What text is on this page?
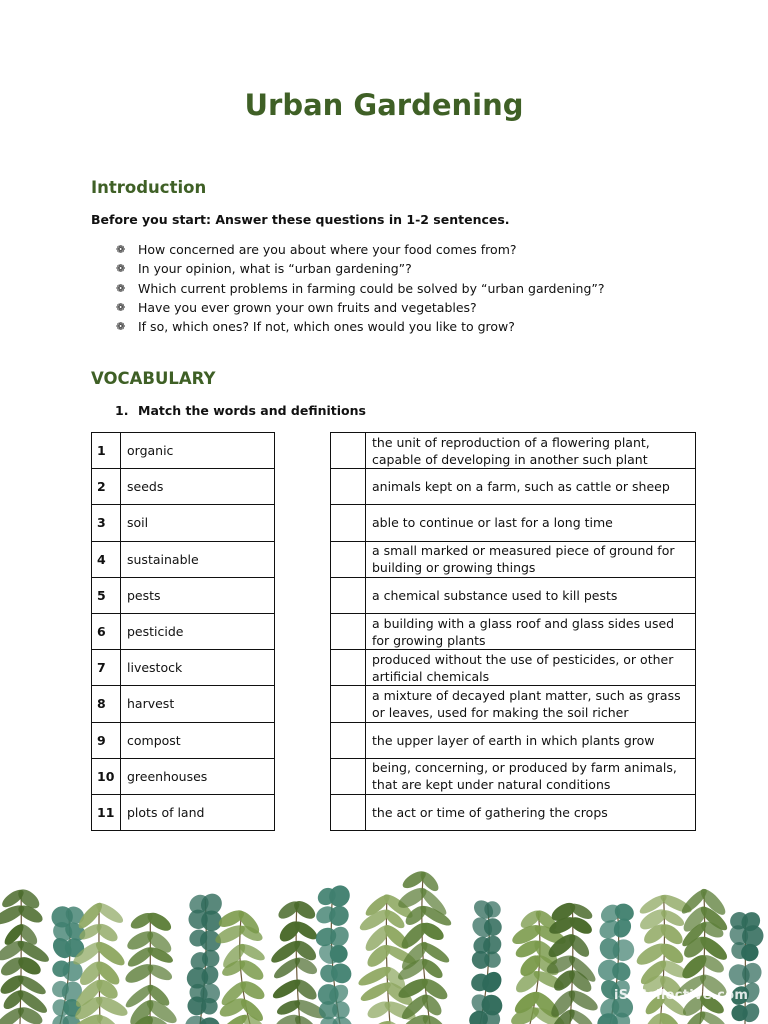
Urban Gardening
Introduction
Before you start: Answer these questions in 1-2 sentences.
❁	How concerned are you about where your food comes from?
❁	In your opinion, what is “urban gardening”?
❁	Which current problems in farming could be solved by “urban gardening”?
❁	Have you ever grown your own fruits and vegetables?
❁	If so, which ones? If not, which ones would you like to grow?
VOCABULARY
1. Match the words and definitions
1	organic
2	seeds
3	soil
4	sustainable
5	pests
6	pesticide
7	livestock
8	harvest
9	compost
10	greenhouses
11	plots of land
	the unit of reproduction of a flowering plant, capable of developing in another such plant
	animals kept on a farm, such as cattle or sheep
	able to continue or last for a long time
	a small marked or measured piece of ground for building or growing things
	a chemical substance used to kill pests
	a building with a glass roof and glass sides used for growing plants
	produced without the use of pesticides, or other artificial chemicals
	a mixture of decayed plant matter, such as grass or leaves, used for making the soil richer
	the upper layer of earth in which plants grow
	being, concerning, or produced by farm animals, that are kept under natural conditions
	the act or time of gathering the crops
iSLCollective.com
